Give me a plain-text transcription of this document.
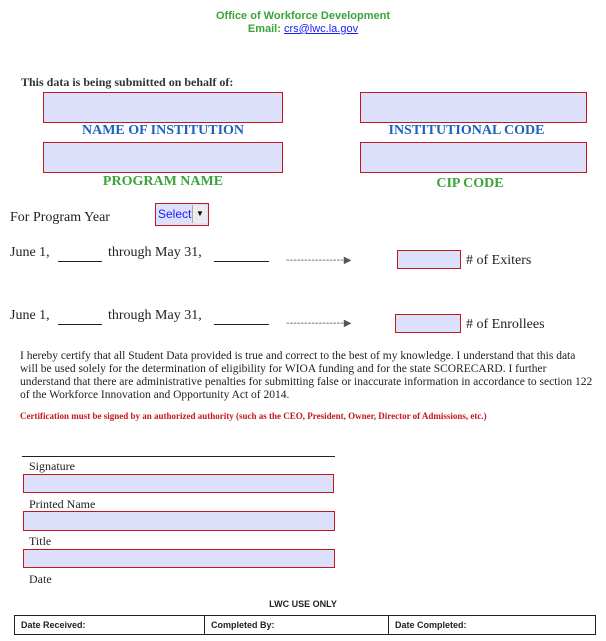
Office of Workforce Development
Email: crs@lwc.la.gov
This data is being submitted on behalf of:
NAME OF INSTITUTION	INSTITUTIONAL CODE
PROGRAM NAME	CIP CODE
For Program Year	Select ▼
June 1,	through May 31,
----------------▶	# of Exiters
June 1,	through May 31,
----------------▶	# of Enrollees
I hereby certify that all Student Data provided is true and correct to the best of my knowledge. I understand that this data will be used solely for the determination of eligibility for WIOA funding and for the state SCORECARD. I further understand that there are administrative penalties for submitting false or inaccurate information in accordance to section 122 of the Workforce Innovation and Opportunity Act of 2014.
Certification must be signed by an authorized authority (such as the CEO, President, Owner, Director of Admissions, etc.)
Signature
Printed Name
Title
Date
LWC USE ONLY
Date Received:	Completed By:	Date Completed:
